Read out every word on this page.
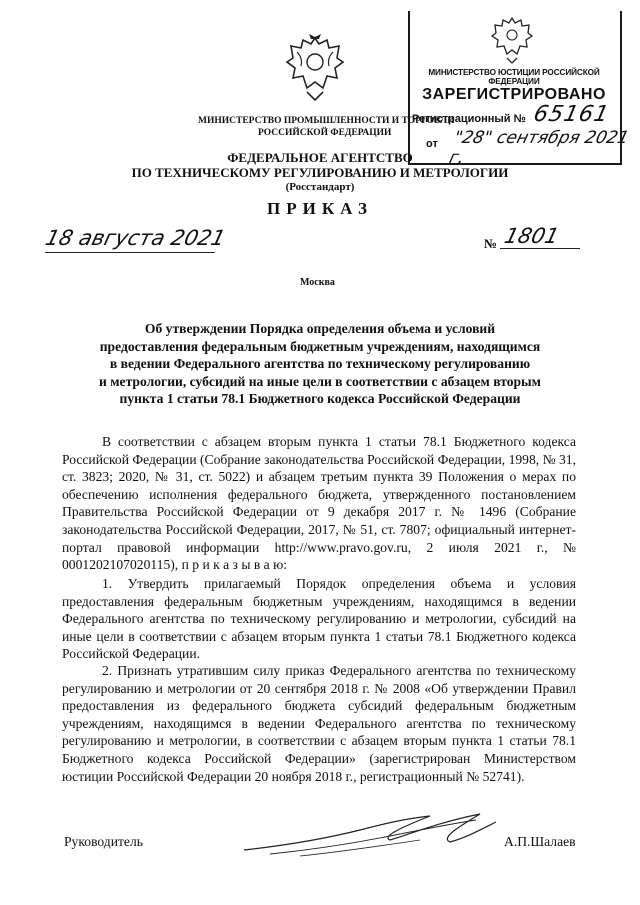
МИНИСТЕРСТВО ЮСТИЦИИ РОССИЙСКОЙ ФЕДЕРАЦИИ
ЗАРЕГИСТРИРОВАНО
Регистрационный № 65161
от "28" сентября 2021 г.
МИНИСТЕРСТВО ПРОМЫШЛЕННОСТИ И ТОРГОВЛИ
РОССИЙСКОЙ ФЕДЕРАЦИИ
ФЕДЕРАЛЬНОЕ АГЕНТСТВО
ПО ТЕХНИЧЕСКОМУ РЕГУЛИРОВАНИЮ И МЕТРОЛОГИИ
(Росстандарт)
ПРИКАЗ
18 августа 2021	№ 1801
Москва
Об утверждении Порядка определения объема и условий
предоставления федеральным бюджетным учреждениям, находящимся
в ведении Федерального агентства по техническому регулированию
и метрологии, субсидий на иные цели в соответствии с абзацем вторым
пункта 1 статьи 78.1 Бюджетного кодекса Российской Федерации
В соответствии с абзацем вторым пункта 1 статьи 78.1 Бюджетного кодекса Российской Федерации (Собрание законодательства Российской Федерации, 1998, № 31, ст. 3823; 2020, № 31, ст. 5022) и абзацем третьим пункта 39 Положения о мерах по обеспечению исполнения федерального бюджета, утвержденного постановлением Правительства Российской Федерации от 9 декабря 2017 г. № 1496 (Собрание законодательства Российской Федерации, 2017, № 51, ст. 7807; официальный интернет-портал правовой информации http://www.pravo.gov.ru, 2 июля 2021 г., № 0001202107020115), п р и к а з ы в а ю:
1. Утвердить прилагаемый Порядок определения объема и условия предоставления федеральным бюджетным учреждениям, находящимся в ведении Федерального агентства по техническому регулированию и метрологии, субсидий на иные цели в соответствии с абзацем вторым пункта 1 статьи 78.1 Бюджетного кодекса Российской Федерации.
2. Признать утратившим силу приказ Федерального агентства по техническому регулированию и метрологии от 20 сентября 2018 г. № 2008 «Об утверждении Правил предоставления из федерального бюджета субсидий федеральным бюджетным учреждениям, находящимся в ведении Федерального агентства по техническому регулированию и метрологии, в соответствии с абзацем вторым пункта 1 статьи 78.1 Бюджетного кодекса Российской Федерации» (зарегистрирован Министерством юстиции Российской Федерации 20 ноября 2018 г., регистрационный № 52741).
Руководитель	А.П.Шалаев
